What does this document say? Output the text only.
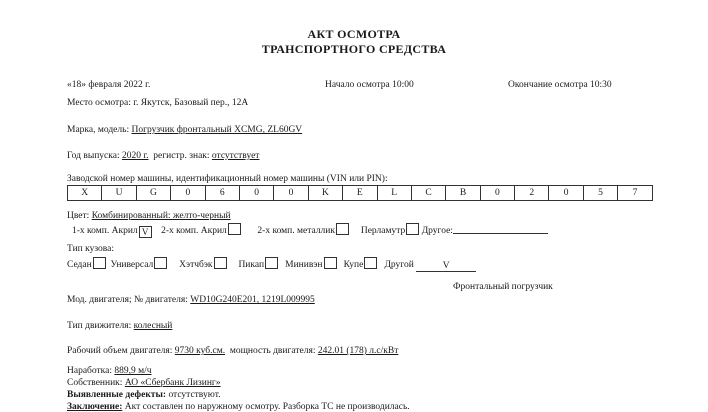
АКТ ОСМОТРА
ТРАНСПОРТНОГО СРЕДСТВА
«18» февраля 2022 г.	Начало осмотра 10:00	Окончание осмотра 10:30
Место осмотра: г. Якутск, Базовый пер., 12А
Марка, модель: Погрузчик фронтальный XCMG, ZL60GV
Год выпуска: 2020 г. регистр. знак: отсутствует
Заводской номер машины, идентификационный номер машины (VIN или PIN):
X	U	G	0	6	0	0	K	E	L	C	B	0	2	0	5	7
Цвет: Комбинированный: желто-черный
1-х комп. Акрил V 2-х комп. Акрил	2-х комп. металлик	Перламутр Другое:
Тип кузова:
Седан Универсал	Хэтчбэк	Пикап Минивэн Купе Другой	V
Фронтальный погрузчик
Мод. двигателя; № двигателя: WD10G240E201, 1219L009995
Тип движителя: колесный
Рабочий объем двигателя: 9730 куб.см. мощность двигателя: 242.01 (178) л.с/кВт
Наработка: 889,9 м/ч
Собственник: АО «Сбербанк Лизинг»
Выявленные дефекты: отсутствуют.
Заключение: Акт составлен по наружному осмотру. Разборка ТС не производилась.
